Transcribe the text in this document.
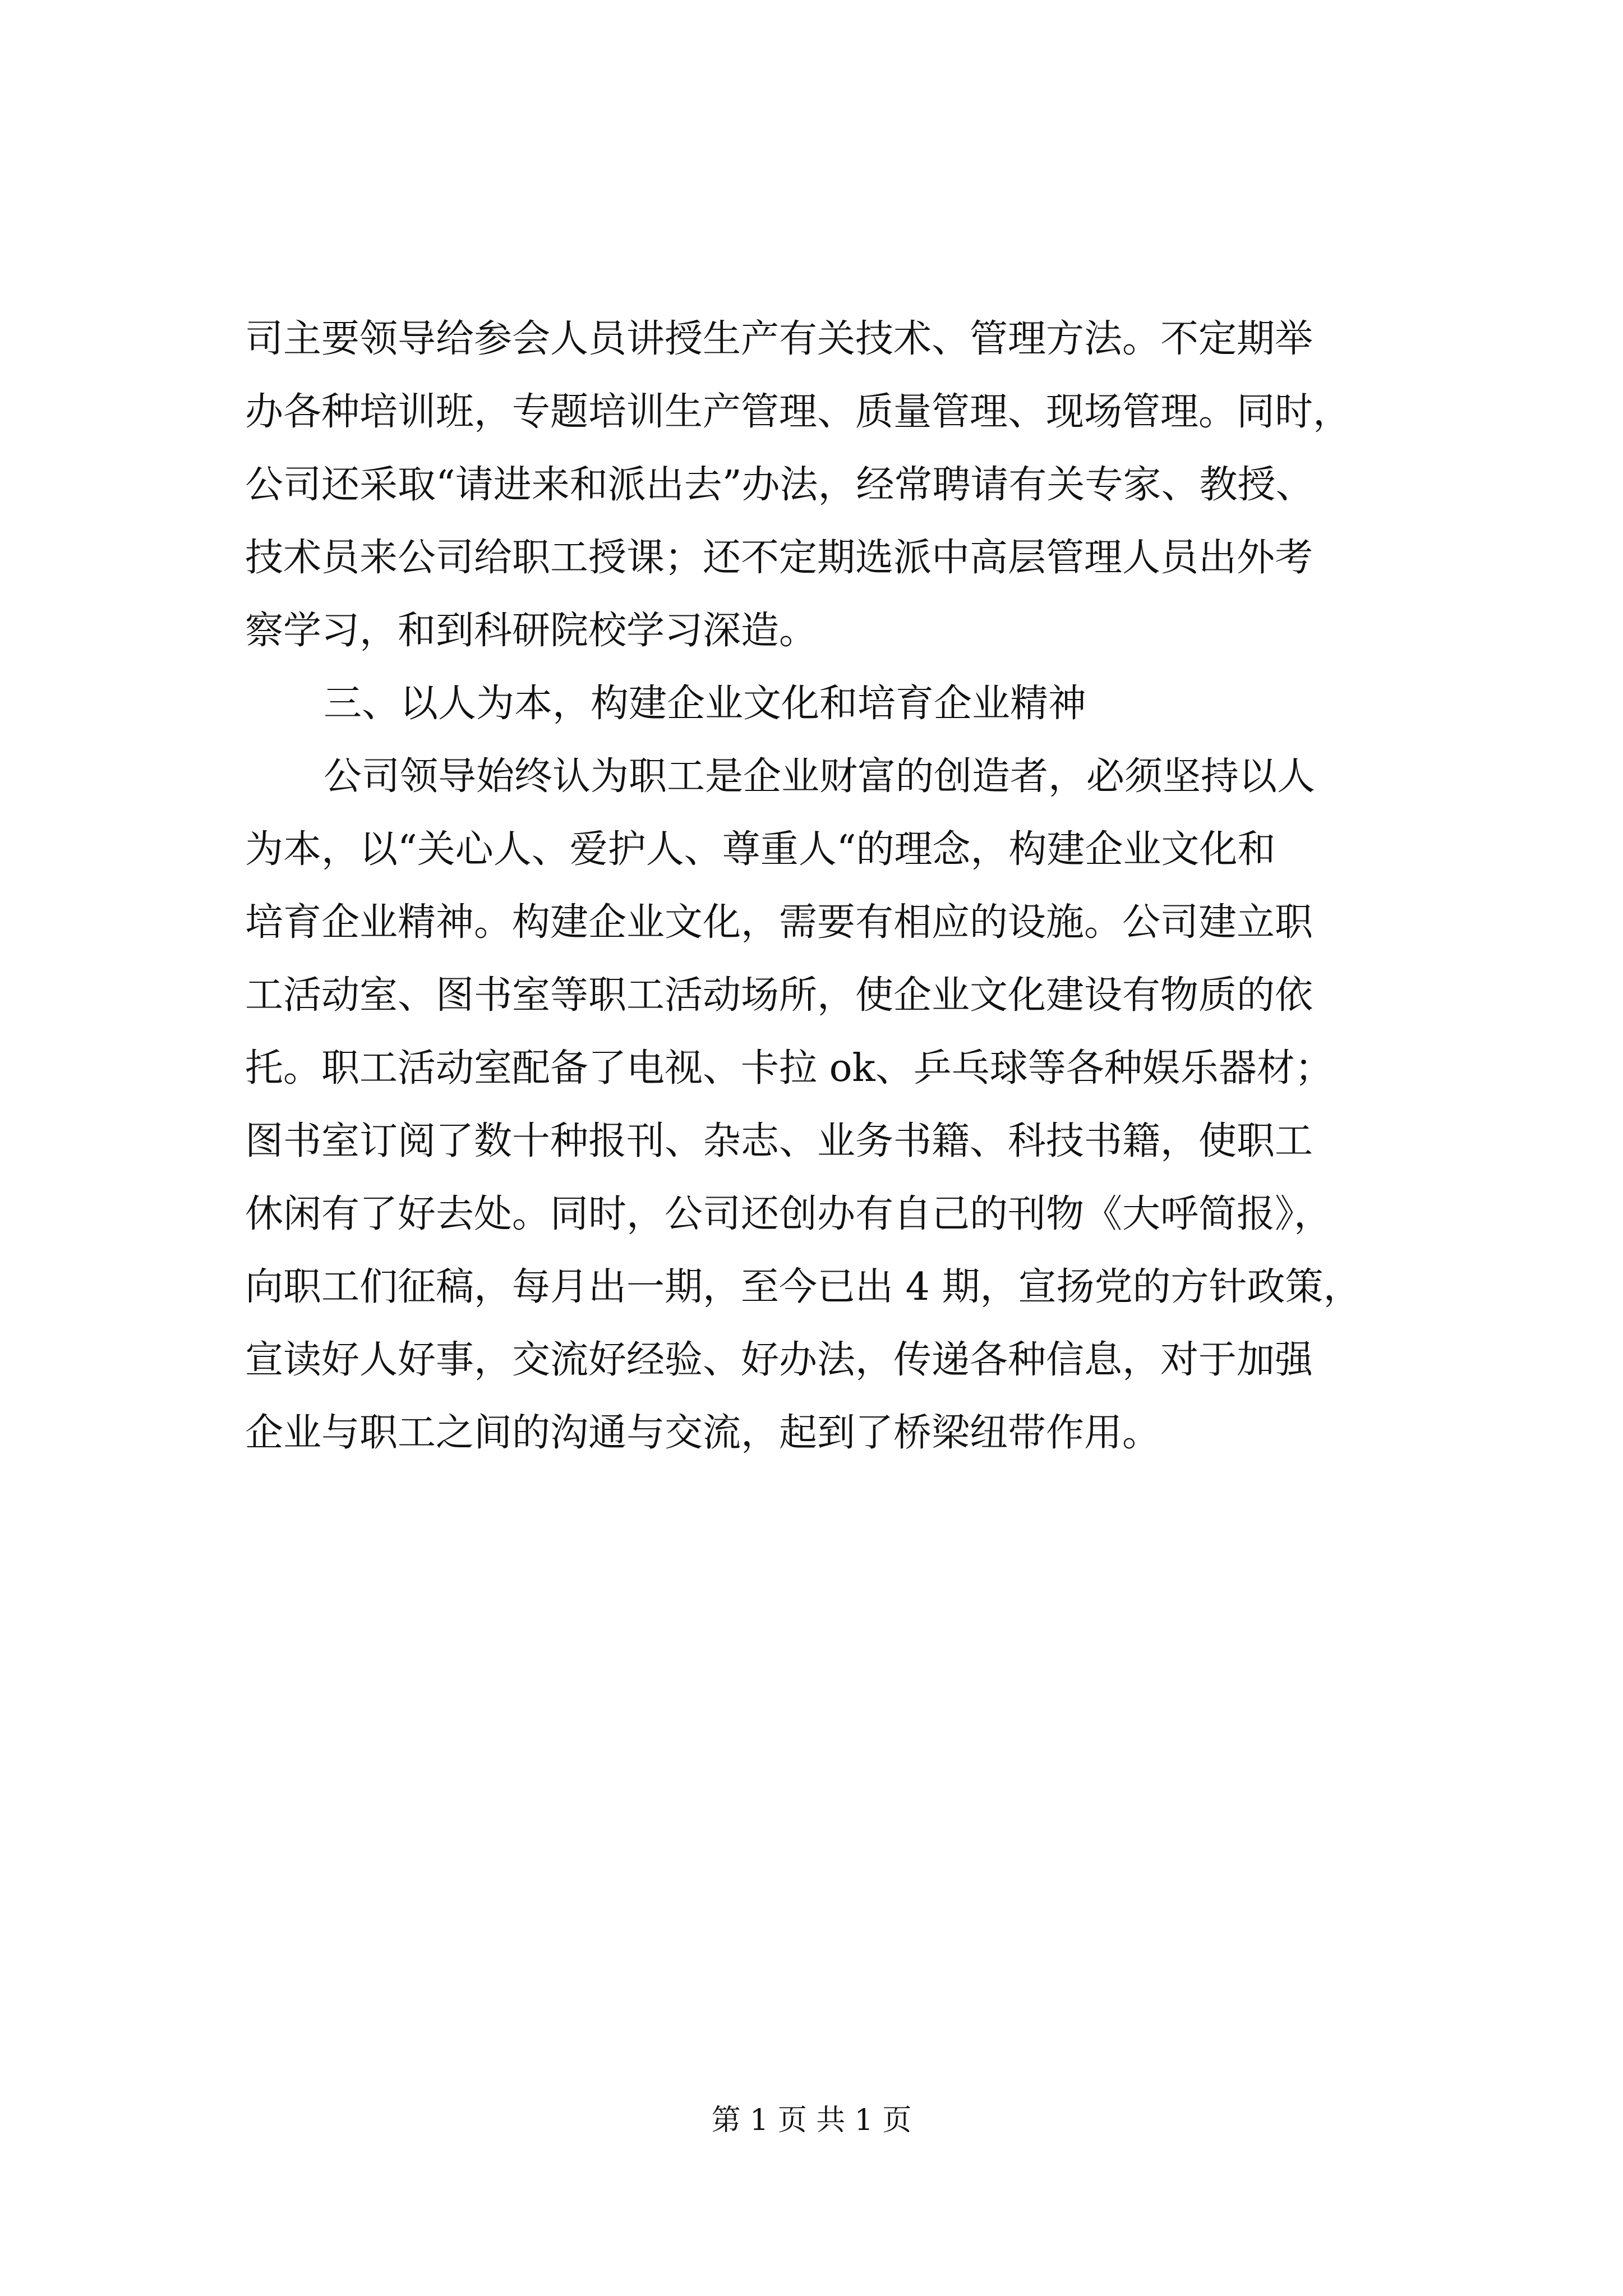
司主要领导给参会人员讲授生产有关技术、管理方法。不定期举
办各种培训班，专题培训生产管理、质量管理、现场管理。同时，
公司还采取“请进来和派出去”办法，经常聘请有关专家、教授、
技术员来公司给职工授课；还不定期选派中高层管理人员出外考
察学习，和到科研院校学习深造。
三、以人为本，构建企业文化和培育企业精神
公司领导始终认为职工是企业财富的创造者，必须坚持以人
为本，以“关心人、爱护人、尊重人“的理念，构建企业文化和
培育企业精神。构建企业文化，需要有相应的设施。公司建立职
工活动室、图书室等职工活动场所，使企业文化建设有物质的依
托。职工活动室配备了电视、卡拉 ok、乒乓球等各种娱乐器材；
图书室订阅了数十种报刊、杂志、业务书籍、科技书籍，使职工
休闲有了好去处。同时，公司还创办有自己的刊物《大呼简报》，
向职工们征稿，每月出一期，至今已出 4 期，宣扬党的方针政策，
宣读好人好事，交流好经验、好办法，传递各种信息，对于加强
企业与职工之间的沟通与交流，起到了桥梁纽带作用。
第 1 页 共 1 页
